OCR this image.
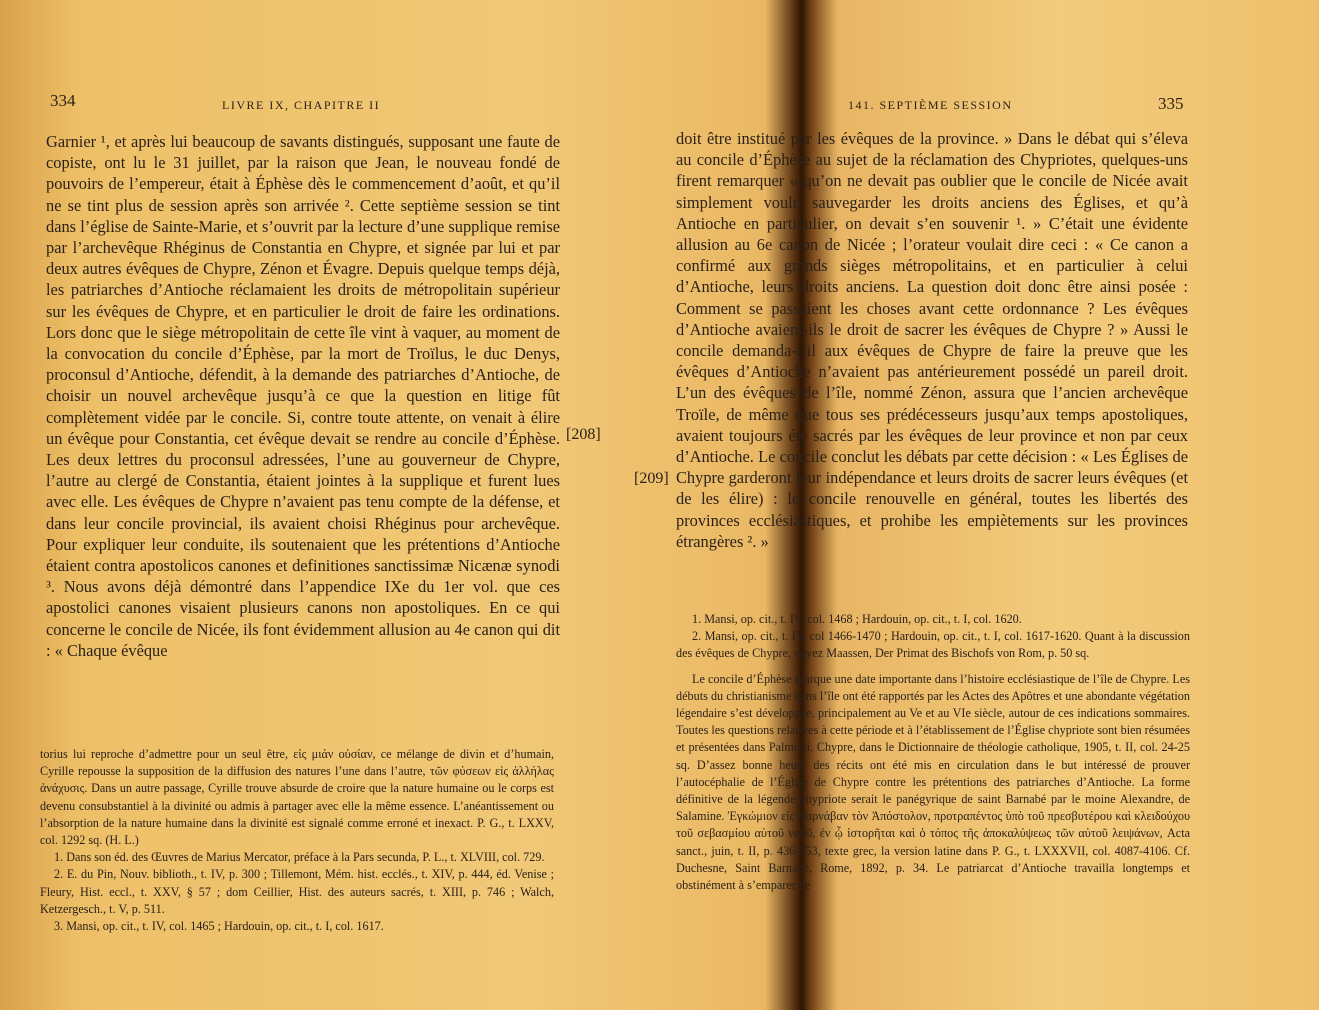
334	LIVRE IX, CHAPITRE II

Garnier ¹, et après lui beaucoup de savants distingués, supposant une faute de copiste, ont lu le 31 juillet, par la raison que Jean, le nouveau fondé de pouvoirs de l’empereur, était à Éphèse dès le commencement d’août, et qu’il ne se tint plus de session après son arrivée ². Cette septième session se tint dans l’église de Sainte-Marie, et s’ouvrit par la lecture d’une supplique remise par l’archevêque Rhéginus de Constantia en Chypre, et signée par lui et par deux autres évêques de Chypre, Zénon et Évagre. Depuis quelque temps déjà, les patriarches d’Antioche réclamaient les droits de métropolitain supérieur sur les évêques de Chypre, et en particulier le droit de faire les ordinations. Lors donc que le siège métropolitain de cette île vint à vaquer, au moment de la convocation du concile d’Éphèse, par la mort de Troïlus, le duc Denys, proconsul d’Antioche, défendit, à la demande des patriarches d’Antioche, de choisir un nouvel archevêque jusqu’à ce que la question en litige fût complètement vidée par le concile. Si, contre toute attente, on venait à élire un évêque pour Constantia, cet évêque devait se rendre au concile d’Éphèse. Les deux lettres du proconsul adressées, l’une au gouverneur de Chypre, l’autre au clergé de Constantia, étaient jointes à la supplique et furent lues avec elle. Les évêques de Chypre n’avaient pas tenu compte de la défense, et dans leur concile provincial, ils avaient choisi Rhéginus pour archevêque. Pour expliquer leur conduite, ils soutenaient que les prétentions d’Antioche étaient contra apostolicos canones et definitiones sanctissimæ Nicænæ synodi ³. Nous avons déjà démontré dans l’appendice IXe du 1er vol. que ces apostolici canones visaient plusieurs canons non apostoliques. En ce qui concerne le concile de Nicée, ils font évidemment allusion au 4e canon qui dit : « Chaque évêque

torius lui reproche d’admettre pour un seul être, εἰς μιάν οὐσίαν, ce mélange de divin et d’humain, Cyrille repousse la supposition de la diffusion des natures l’une dans l’autre, τῶν φύσεων εἰς ἀλλήλας ἀνάχυσις. Dans un autre passage, Cyrille trouve absurde de croire que la nature humaine ou le corps est devenu consubstantiel à la divinité ou admis à partager avec elle la même essence. L’anéantissement ou l’absorption de la nature humaine dans la divinité est signalé comme erroné et inexact. P. G., t. LXXV, col. 1292 sq. (H. L.)

1. Dans son éd. des Œuvres de Marius Mercator, préface à la Pars secunda, P. L., t. XLVIII, col. 729.

2. E. du Pin, Nouv. biblioth., t. IV, p. 300 ; Tillemont, Mém. hist. ecclés., t. XIV, p. 444, éd. Venise ; Fleury, Hist. eccl., t. XXV, § 57 ; dom Ceillier, Hist. des auteurs sacrés, t. XIII, p. 746 ; Walch, Ketzergesch., t. V, p. 511.

3. Mansi, op. cit., t. IV, col. 1465 ; Hardouin, op. cit., t. I, col. 1617.

[208]
[209]
335
141. SEPTIÈME SESSION

doit être institué par les évêques de la province. » Dans le débat qui s’éleva au concile d’Éphèse au sujet de la réclamation des Chypriotes, quelques-uns firent remarquer « qu’on ne devait pas oublier que le concile de Nicée avait simplement voulu sauvegarder les droits anciens des Églises, et qu’à Antioche en particulier, on devait s’en souvenir ¹. » C’était une évidente allusion au 6e canon de Nicée ; l’orateur voulait dire ceci : « Ce canon a confirmé aux grands sièges métropolitains, et en particulier à celui d’Antioche, leurs droits anciens. La question doit donc être ainsi posée : Comment se passaient les choses avant cette ordonnance ? Les évêques d’Antioche avaient-ils le droit de sacrer les évêques de Chypre ? » Aussi le concile demanda-t-il aux évêques de Chypre de faire la preuve que les évêques d’Antioche n’avaient pas antérieurement possédé un pareil droit. L’un des évêques de l’île, nommé Zénon, assura que l’ancien archevêque Troïle, de même que tous ses prédécesseurs jusqu’aux temps apostoliques, avaient toujours été sacrés par les évêques de leur province et non par ceux d’Antioche. Le concile conclut les débats par cette décision : « Les Églises de Chypre garderont leur indépendance et leurs droits de sacrer leurs évêques (et de les élire) : le concile renouvelle en général, toutes les libertés des provinces ecclésiastiques, et prohibe les empiètements sur les provinces étrangères ². »

1. Mansi, op. cit., t. IV, col. 1468 ; Hardouin, op. cit., t. I, col. 1620.

2. Mansi, op. cit., t. IV, col 1466-1470 ; Hardouin, op. cit., t. I, col. 1617-1620. Quant à la discussion des évêques de Chypre, voyez Maassen, Der Primat des Bischofs von Rom, p. 50 sq.

Le concile d’Éphèse marque une date importante dans l’histoire ecclésiastique de l’île de Chypre. Les débuts du christianisme dans l’île ont été rapportés par les Actes des Apôtres et une abondante végétation légendaire s’est développée, principalement au Ve et au VIe siècle, autour de ces indications sommaires. Toutes les questions relatives à cette période et à l’établissement de l’Église chypriote sont bien résumées et présentées dans Palmieri, Chypre, dans le Dictionnaire de théologie catholique, 1905, t. II, col. 24-25 sq. D’assez bonne heure des récits ont été mis en circulation dans le but intéressé de prouver l’autocéphalie de l’Église de Chypre contre les prétentions des patriarches d’Antioche. La forme définitive de la légende chypriote serait le panégyrique de saint Barnabé par le moine Alexandre, de Salamine. Ἐγκώμιον εἰς Βαρνάβαν τὸν Ἀπόστολον, προτραπέντος ὑπὸ τοῦ πρεσβυτέρου καὶ κλειδούχου τοῦ σεβασμίου αὐτοῦ ναοῦ, ἐν ᾧ ἱστορῆται καὶ ὁ τόπος τῆς ἀποκαλύψεως τῶν αὐτοῦ λειψάνων, Acta sanct., juin, t. II, p. 436-453, texte grec, la version latine dans P. G., t. LXXXVII, col. 4087-4106. Cf. Duchesne, Saint Barnabé, Rome, 1892, p. 34. Le patriarcat d’Antioche travailla longtemps et obstinément à s’emparer de
